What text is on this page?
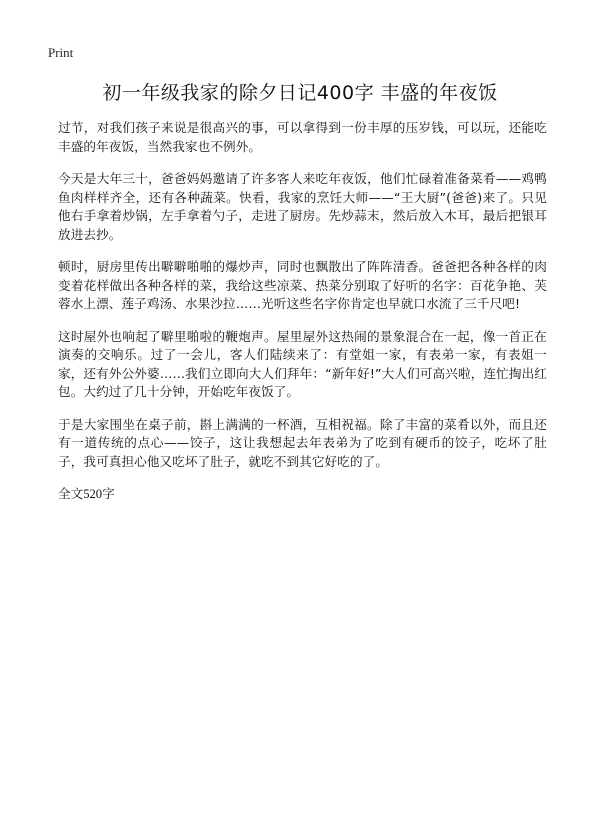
Print
初一年级我家的除夕日记400字 丰盛的年夜饭

过节，对我们孩子来说是很高兴的事，可以拿得到一份丰厚的压岁钱，可以玩，还能吃丰盛的年夜饭，当然我家也不例外。

今天是大年三十，爸爸妈妈邀请了许多客人来吃年夜饭，他们忙碌着准备菜肴——鸡鸭鱼肉样样齐全，还有各种蔬菜。快看，我家的烹饪大师——“王大厨”(爸爸)来了。只见他右手拿着炒锅，左手拿着勺子，走进了厨房。先炒蒜末，然后放入木耳，最后把银耳放进去抄。

顿时，厨房里传出噼噼啪啪的爆炒声，同时也飘散出了阵阵清香。爸爸把各种各样的肉变着花样做出各种各样的菜，我给这些凉菜、热菜分别取了好听的名字：百花争艳、芙蓉水上漂、莲子鸡汤、水果沙拉……光听这些名字你肯定也早就口水流了三千尺吧!

这时屋外也响起了噼里啪啦的鞭炮声。屋里屋外这热闹的景象混合在一起，像一首正在演奏的交响乐。过了一会儿，客人们陆续来了：有堂姐一家，有表弟一家，有表姐一家，还有外公外婆……我们立即向大人们拜年：“新年好!”大人们可高兴啦，连忙掏出红包。大约过了几十分钟，开始吃年夜饭了。

于是大家围坐在桌子前，斟上满满的一杯酒，互相祝福。除了丰富的菜肴以外，而且还有一道传统的点心——饺子，这让我想起去年表弟为了吃到有硬币的饺子，吃坏了肚子，我可真担心他又吃坏了肚子，就吃不到其它好吃的了。

全文520字
